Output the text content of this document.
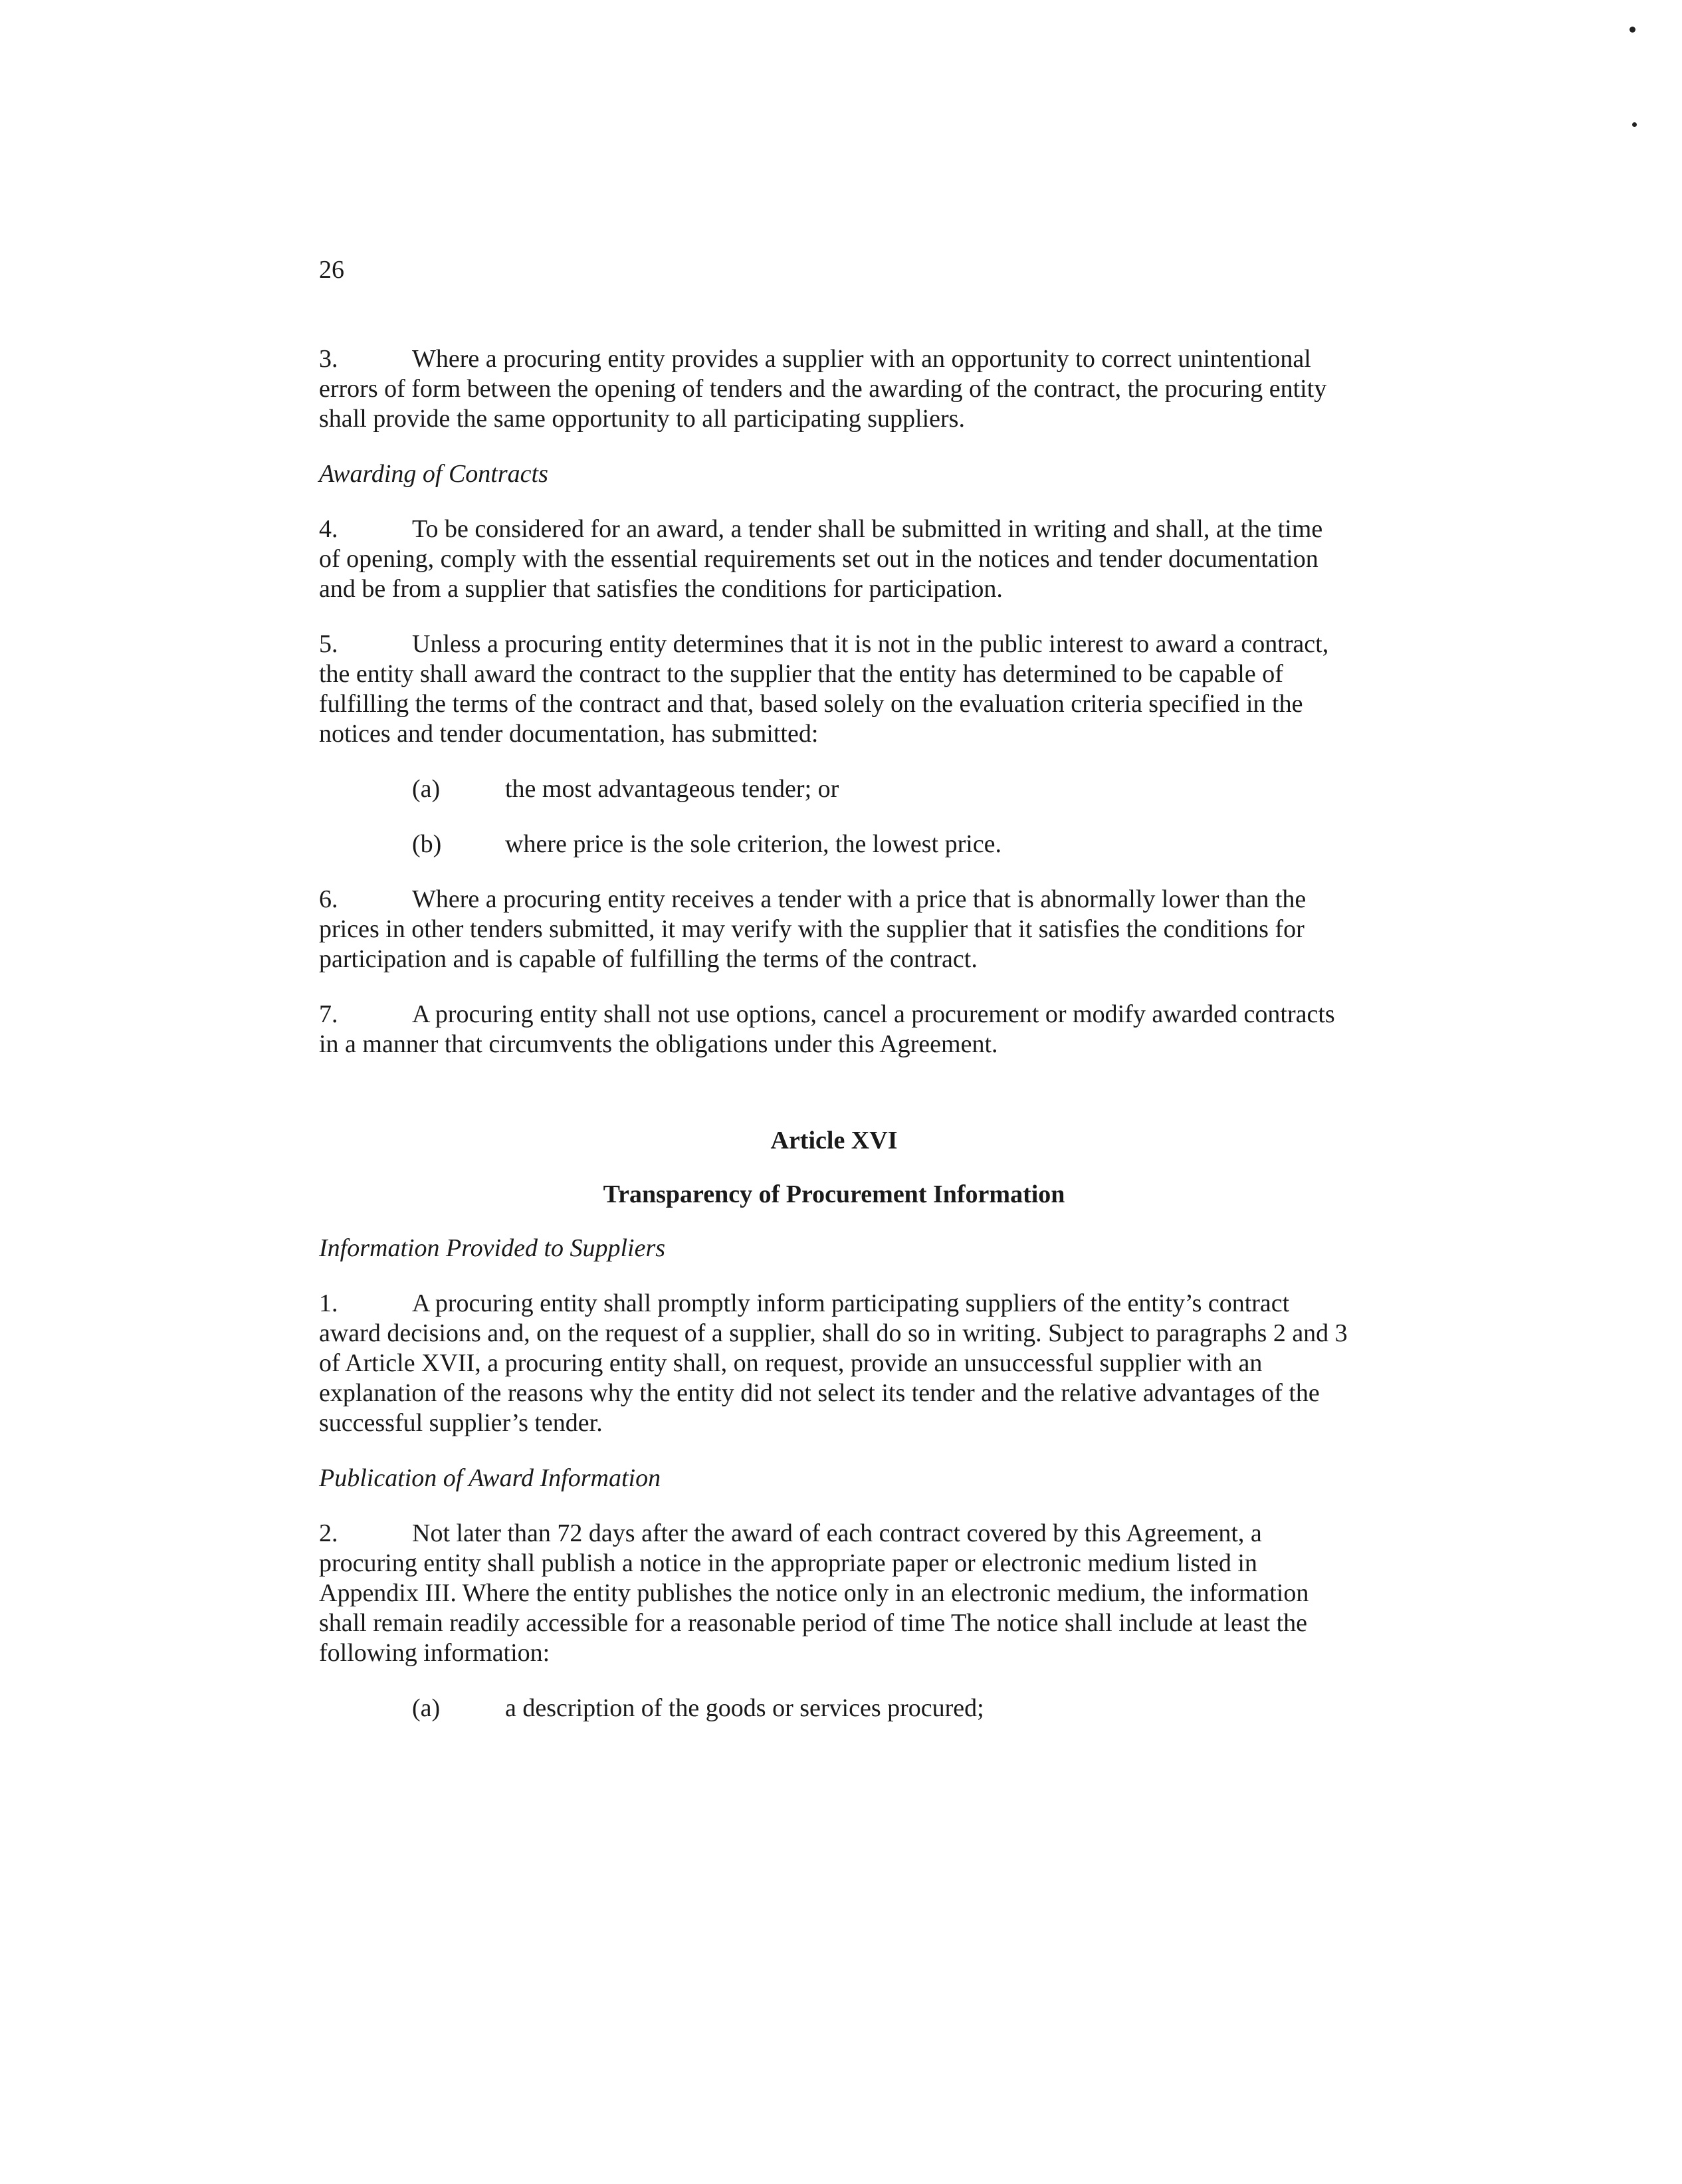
26

3.	Where a procuring entity provides a supplier with an opportunity to correct unintentional errors of form between the opening of tenders and the awarding of the contract, the procuring entity shall provide the same opportunity to all participating suppliers.

Awarding of Contracts

4.	To be considered for an award, a tender shall be submitted in writing and shall, at the time of opening, comply with the essential requirements set out in the notices and tender documentation and be from a supplier that satisfies the conditions for participation.

5.	Unless a procuring entity determines that it is not in the public interest to award a contract, the entity shall award the contract to the supplier that the entity has determined to be capable of fulfilling the terms of the contract and that, based solely on the evaluation criteria specified in the notices and tender documentation, has submitted:

(a)	the most advantageous tender; or
(b)	where price is the sole criterion, the lowest price.

6.	Where a procuring entity receives a tender with a price that is abnormally lower than the prices in other tenders submitted, it may verify with the supplier that it satisfies the conditions for participation and is capable of fulfilling the terms of the contract.

7.	A procuring entity shall not use options, cancel a procurement or modify awarded contracts in a manner that circumvents the obligations under this Agreement.

Article XVI

Transparency of Procurement Information

Information Provided to Suppliers

1.	A procuring entity shall promptly inform participating suppliers of the entity’s contract award decisions and, on the request of a supplier, shall do so in writing. Subject to paragraphs 2 and 3 of Article XVII, a procuring entity shall, on request, provide an unsuccessful supplier with an explanation of the reasons why the entity did not select its tender and the relative advantages of the successful supplier’s tender.

Publication of Award Information

2.	Not later than 72 days after the award of each contract covered by this Agreement, a procuring entity shall publish a notice in the appropriate paper or electronic medium listed in Appendix III. Where the entity publishes the notice only in an electronic medium, the information shall remain readily accessible for a reasonable period of time The notice shall include at least the following information:

(a)	a description of the goods or services procured;
